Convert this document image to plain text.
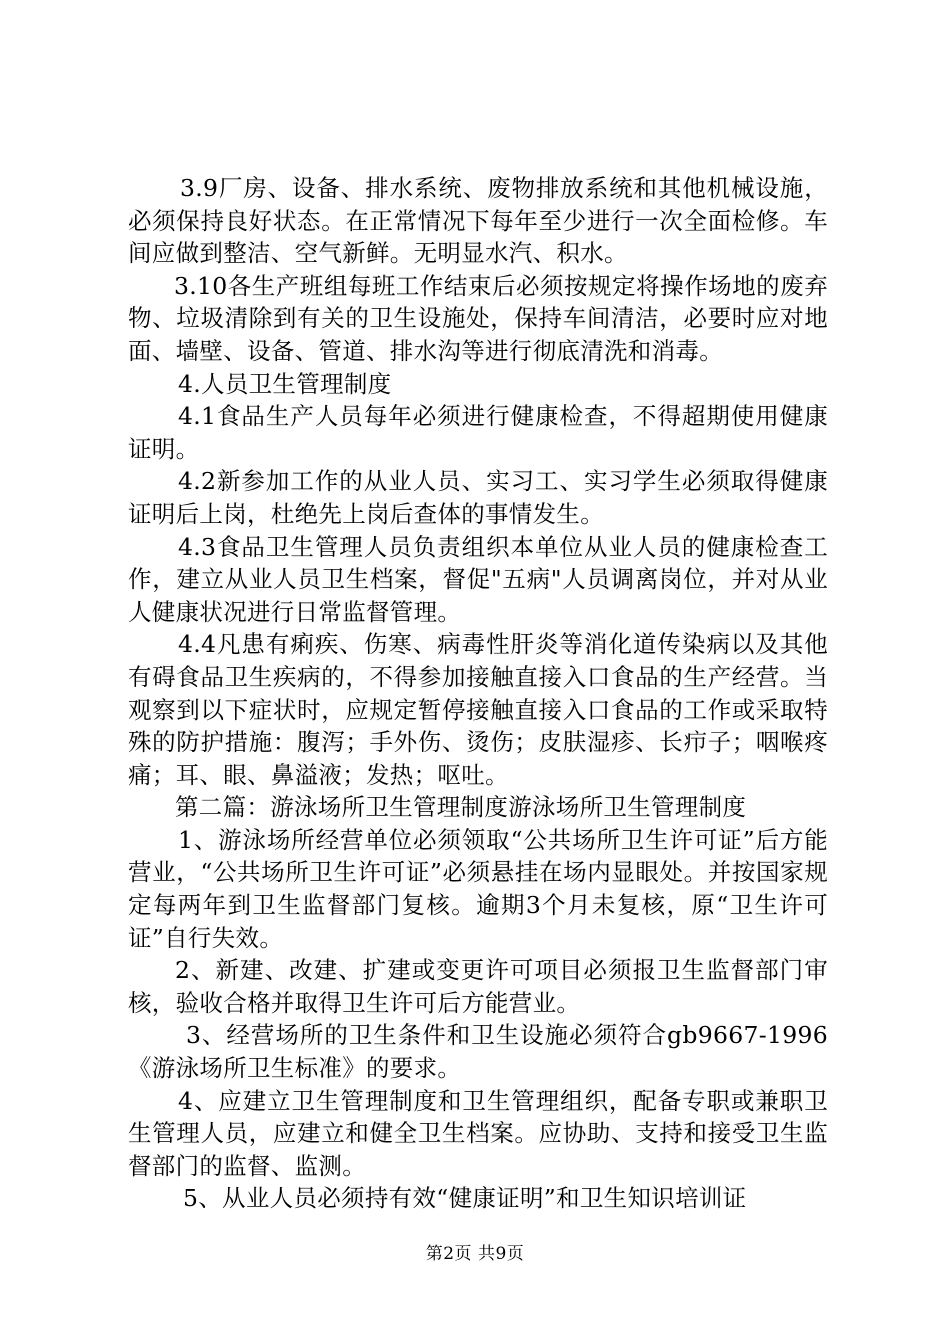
3.9厂房、设备、排水系统、废物排放系统和其他机械设施，必须保持良好状态。在正常情况下每年至少进行一次全面检修。车间应做到整洁、空气新鲜。无明显水汽、积水。

3.10各生产班组每班工作结束后必须按规定将操作场地的废弃物、垃圾清除到有关的卫生设施处，保持车间清洁，必要时应对地面、墙壁、设备、管道、排水沟等进行彻底清洗和消毒。

4.人员卫生管理制度

4.1食品生产人员每年必须进行健康检查，不得超期使用健康证明。

4.2新参加工作的从业人员、实习工、实习学生必须取得健康证明后上岗，杜绝先上岗后查体的事情发生。

4.3食品卫生管理人员负责组织本单位从业人员的健康检查工作，建立从业人员卫生档案，督促"五病"人员调离岗位，并对从业人健康状况进行日常监督管理。

4.4凡患有痢疾、伤寒、病毒性肝炎等消化道传染病以及其他有碍食品卫生疾病的，不得参加接触直接入口食品的生产经营。当观察到以下症状时，应规定暂停接触直接入口食品的工作或采取特殊的防护措施：腹泻；手外伤、烫伤；皮肤湿疹、长疖子；咽喉疼痛；耳、眼、鼻溢液；发热；呕吐。

第二篇：游泳场所卫生管理制度游泳场所卫生管理制度

1、游泳场所经营单位必须领取“公共场所卫生许可证”后方能营业，“公共场所卫生许可证”必须悬挂在场内显眼处。并按国家规定每两年到卫生监督部门复核。逾期3个月未复核，原“卫生许可证”自行失效。

2、新建、改建、扩建或变更许可项目必须报卫生监督部门审核，验收合格并取得卫生许可后方能营业。

3、经营场所的卫生条件和卫生设施必须符合gb9667-1996《游泳场所卫生标准》的要求。

4、应建立卫生管理制度和卫生管理组织，配备专职或兼职卫生管理人员，应建立和健全卫生档案。应协助、支持和接受卫生监督部门的监督、监测。

5、从业人员必须持有效“健康证明”和卫生知识培训证

第2页 共9页
